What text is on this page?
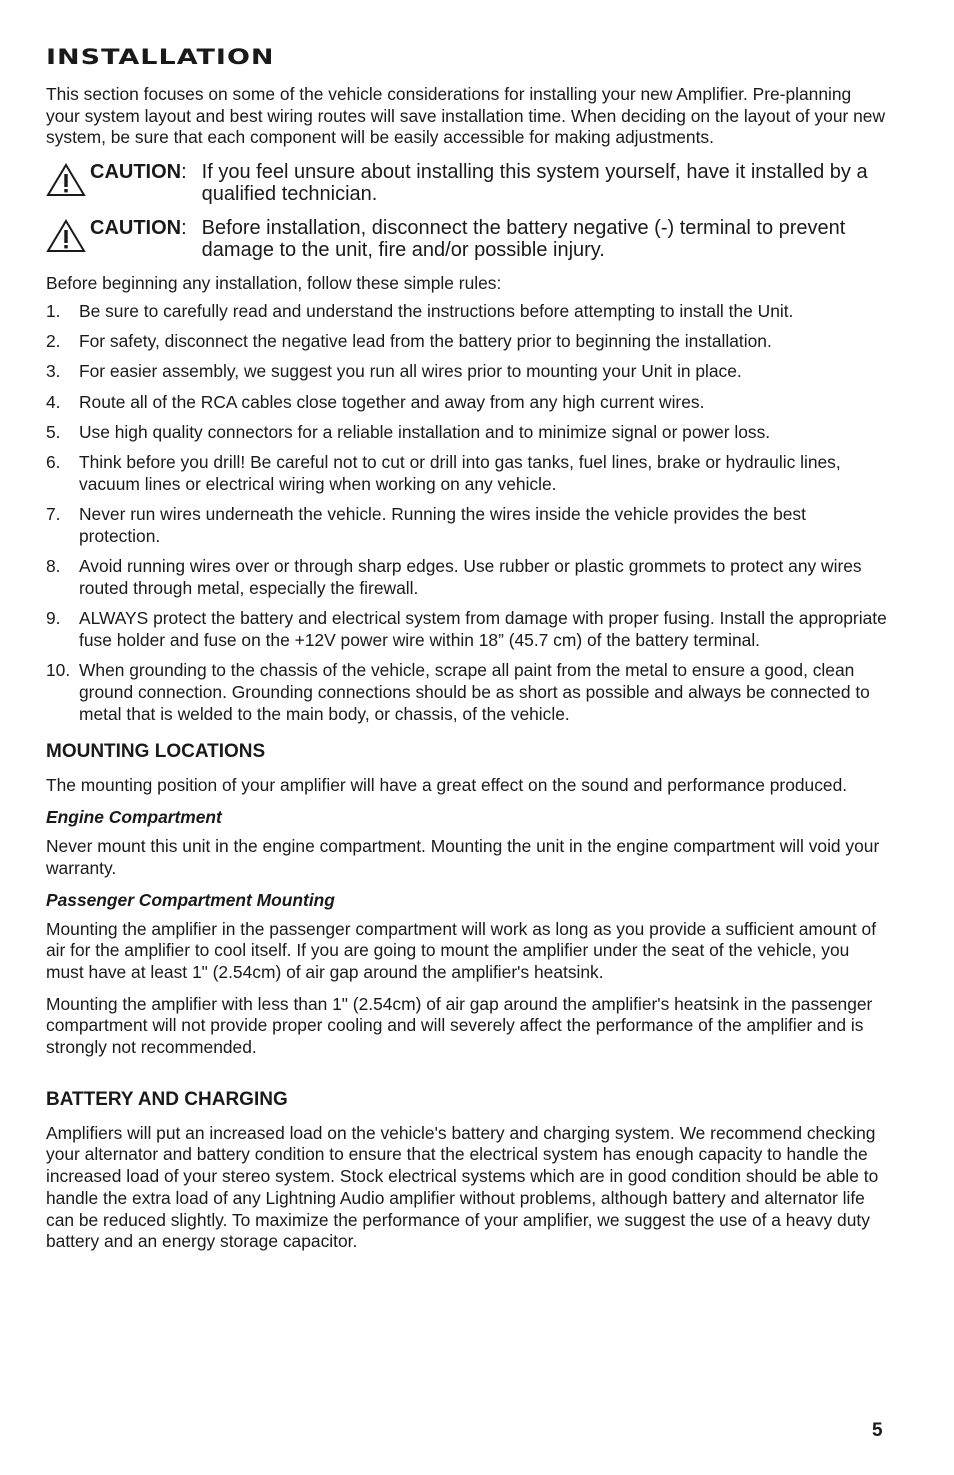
INSTALLATION

This section focuses on some of the vehicle considerations for installing your new Amplifier. Pre-planning your system layout and best wiring routes will save installation time. When deciding on the layout of your new system, be sure that each component will be easily accessible for making adjustments.

CAUTION : If you feel unsure about installing this system yourself, have it installed by a qualified technician.
CAUTION : Before installation, disconnect the battery negative (-) terminal to prevent damage to the unit, fire and/or possible injury.

Before beginning any installation, follow these simple rules:

1.	Be sure to carefully read and understand the instructions before attempting to install the Unit.
2.	For safety, disconnect the negative lead from the battery prior to beginning the installation.
3.	For easier assembly, we suggest you run all wires prior to mounting your Unit in place.
4.	Route all of the RCA cables close together and away from any high current wires.
5.	Use high quality connectors for a reliable installation and to minimize signal or power loss.
6.	Think before you drill! Be careful not to cut or drill into gas tanks, fuel lines, brake or hydraulic lines, vacuum lines or electrical wiring when working on any vehicle.
7.	Never run wires underneath the vehicle. Running the wires inside the vehicle provides the best protection.
8.	Avoid running wires over or through sharp edges. Use rubber or plastic grommets to protect any wires routed through metal, especially the firewall.
9.	ALWAYS protect the battery and electrical system from damage with proper fusing. Install the appropriate fuse holder and fuse on the +12V power wire within 18” (45.7 cm) of the battery terminal.
10. When grounding to the chassis of the vehicle, scrape all paint from the metal to ensure a good, clean ground connection. Grounding connections should be as short as possible and always be connected to metal that is welded to the main body, or chassis, of the vehicle.
MOUNTING LOCATIONS

The mounting position of your amplifier will have a great effect on the sound and performance produced.

Engine Compartment

Never mount this unit in the engine compartment. Mounting the unit in the engine compartment will void your warranty.

Passenger Compartment Mounting

Mounting the amplifier in the passenger compartment will work as long as you provide a sufficient amount of air for the amplifier to cool itself. If you are going to mount the amplifier under the seat of the vehicle, you must have at least 1" (2.54cm) of air gap around the amplifier's heatsink.

Mounting the amplifier with less than 1" (2.54cm) of air gap around the amplifier's heatsink in the passenger compartment will not provide proper cooling and will severely affect the performance of the amplifier and is strongly not recommended.

BATTERY AND CHARGING

Amplifiers will put an increased load on the vehicle's battery and charging system. We recommend checking your alternator and battery condition to ensure that the electrical system has enough capacity to handle the increased load of your stereo system. Stock electrical systems which are in good condition should be able to handle the extra load of any Lightning Audio amplifier without problems, although battery and alternator life can be reduced slightly. To maximize the performance of your amplifier, we suggest the use of a heavy duty battery and an energy storage capacitor.

5
